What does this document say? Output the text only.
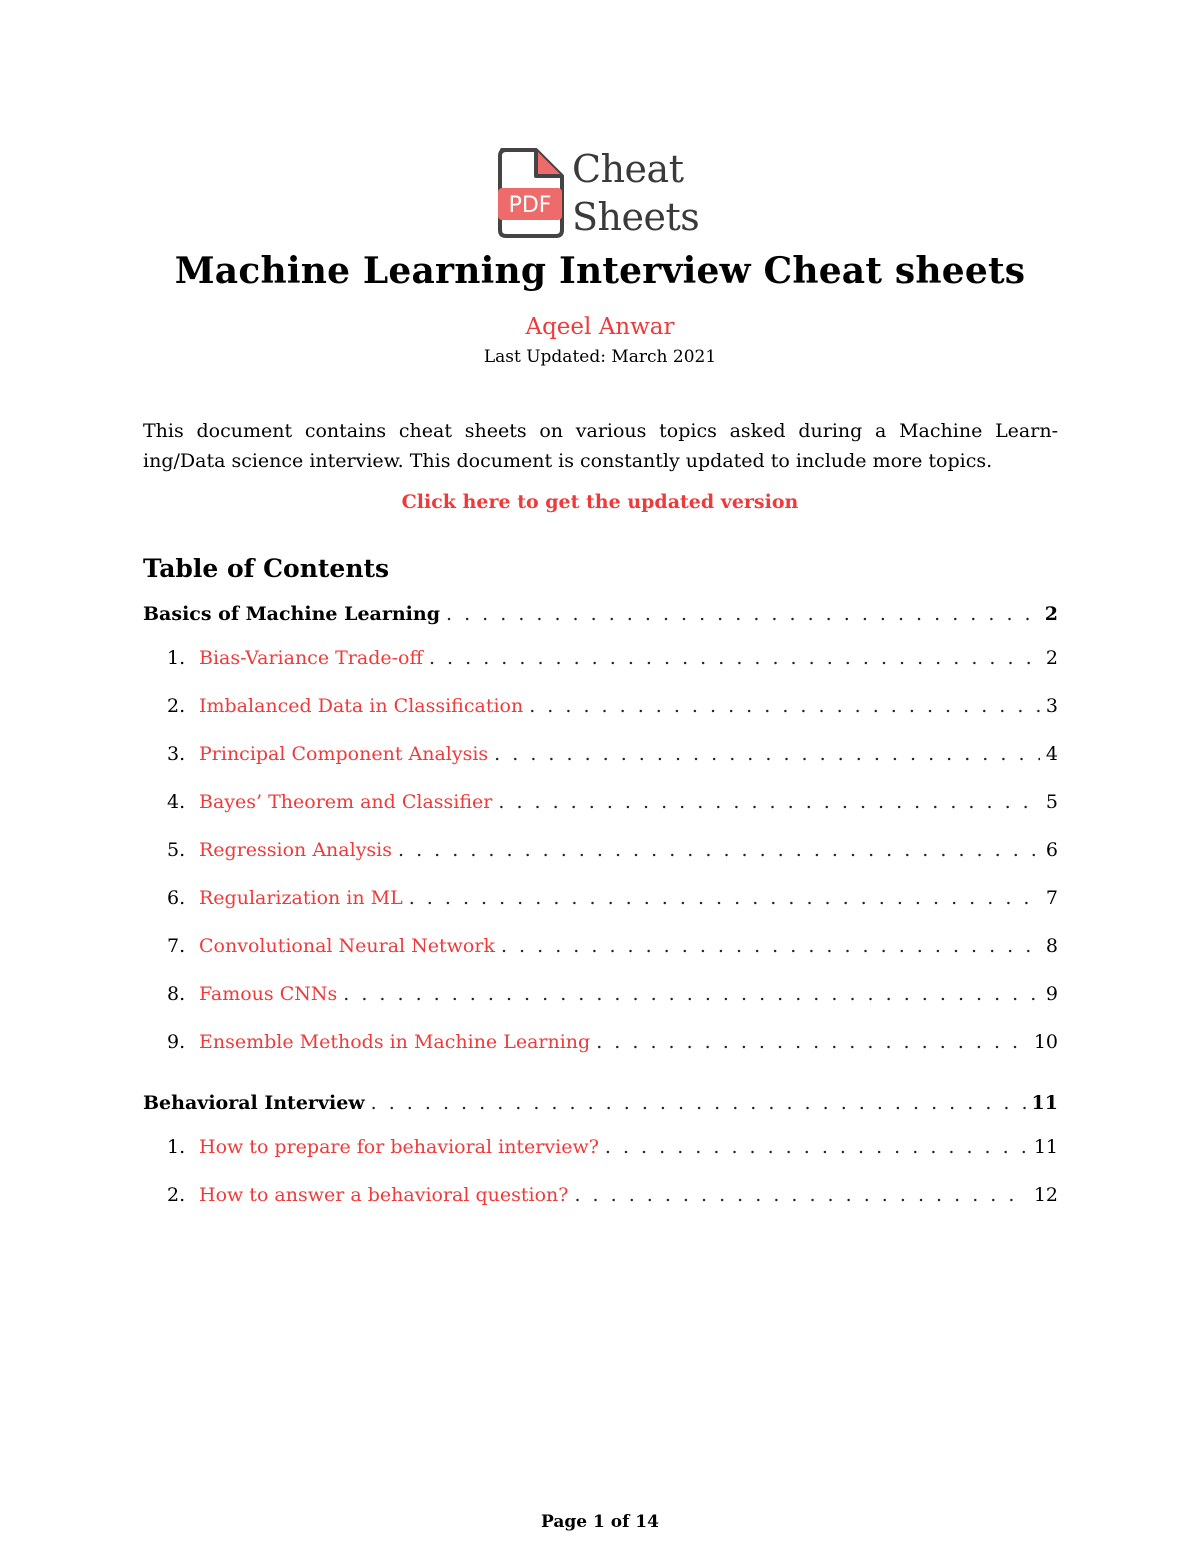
PDF
Cheat
Sheets
Machine Learning Interview Cheat sheets
Aqeel Anwar
Last Updated: March 2021
This document contains cheat sheets on various topics asked during a Machine Learn-
ing/Data science interview. This document is constantly updated to include more topics.
Click here to get the updated version
Table of Contents
Basics of Machine Learning . . .	2
1. Bias-Variance Trade-off . . .	2
2. Imbalanced Data in Classification . . .	3
3. Principal Component Analysis . . .	4
4. Bayes’ Theorem and Classifier . . .	5
5. Regression Analysis . . .	6
6. Regularization in ML . . .	7
7. Convolutional Neural Network . . .	8
8. Famous CNNs . . .	9
9. Ensemble Methods in Machine Learning . . .	10
Behavioral Interview . . .	11
1. How to prepare for behavioral interview? . . .	11
2. How to answer a behavioral question? . . .	12
Page 1 of 14
